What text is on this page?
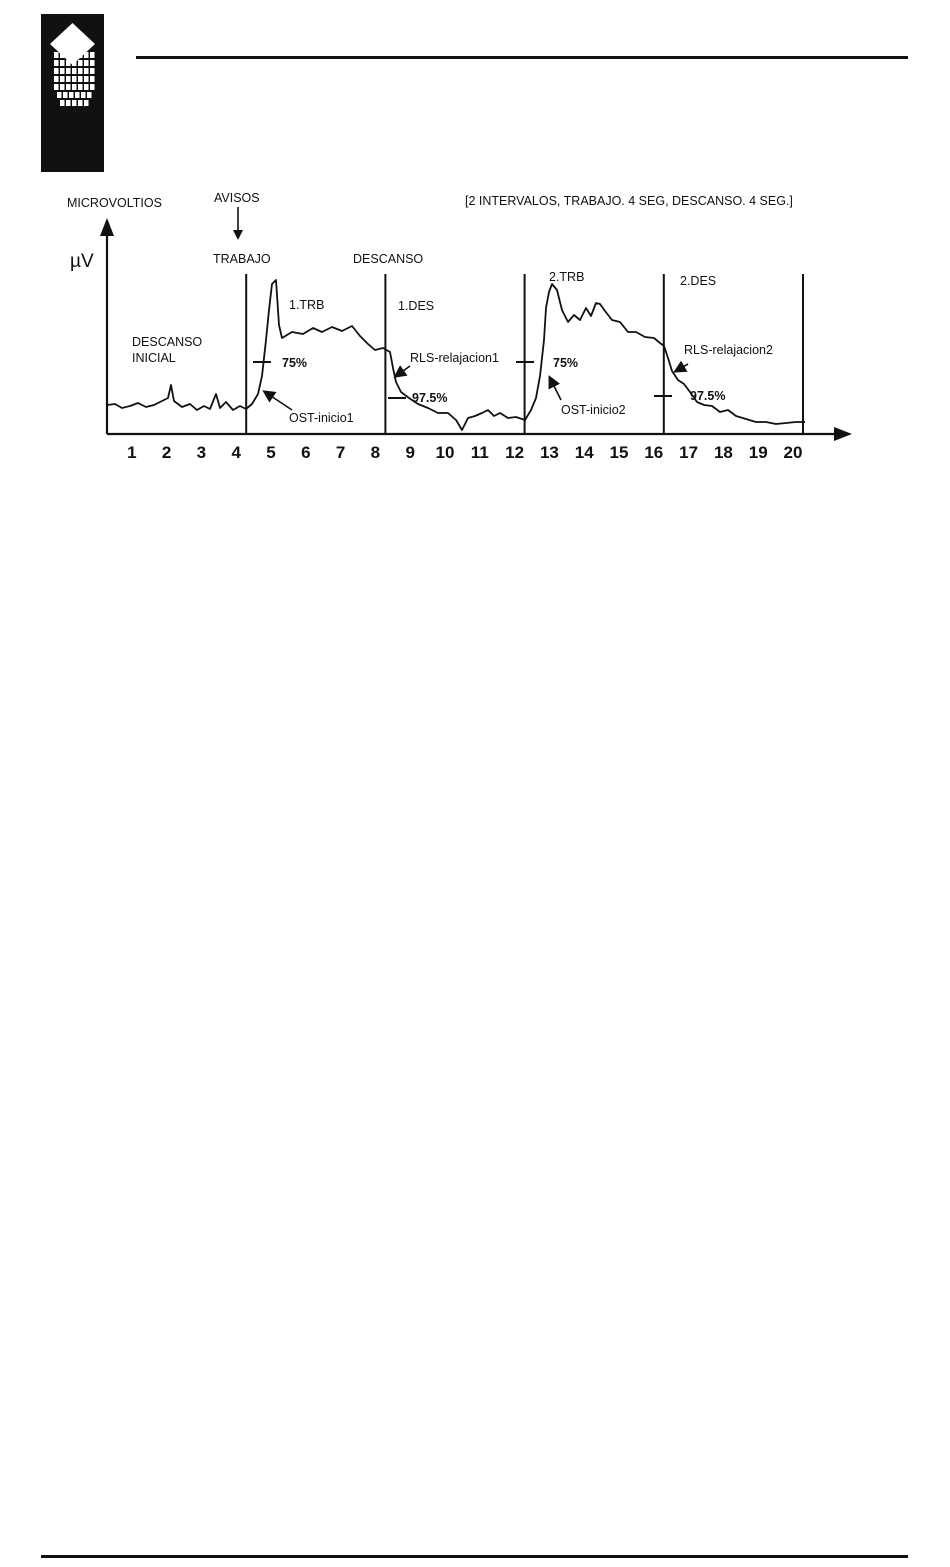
MICROVOLTIOS
µV
AVISOS	[2 INTERVALOS, TRABAJO. 4 SEG, DESCANSO. 4 SEG.]
TRABAJO	DESCANSO
DESCANSO
INICIAL
1.TRB	1.DES
2.TRB	2.DES
75%
97.5%
75%
97.5%
OST-inicio1
RLS-relajacion1
OST-inicio2
RLS-relajacion2
1 2 3 4 5 6 7 8 9 10 11 12 13 14 15 16 17 18 19 20
